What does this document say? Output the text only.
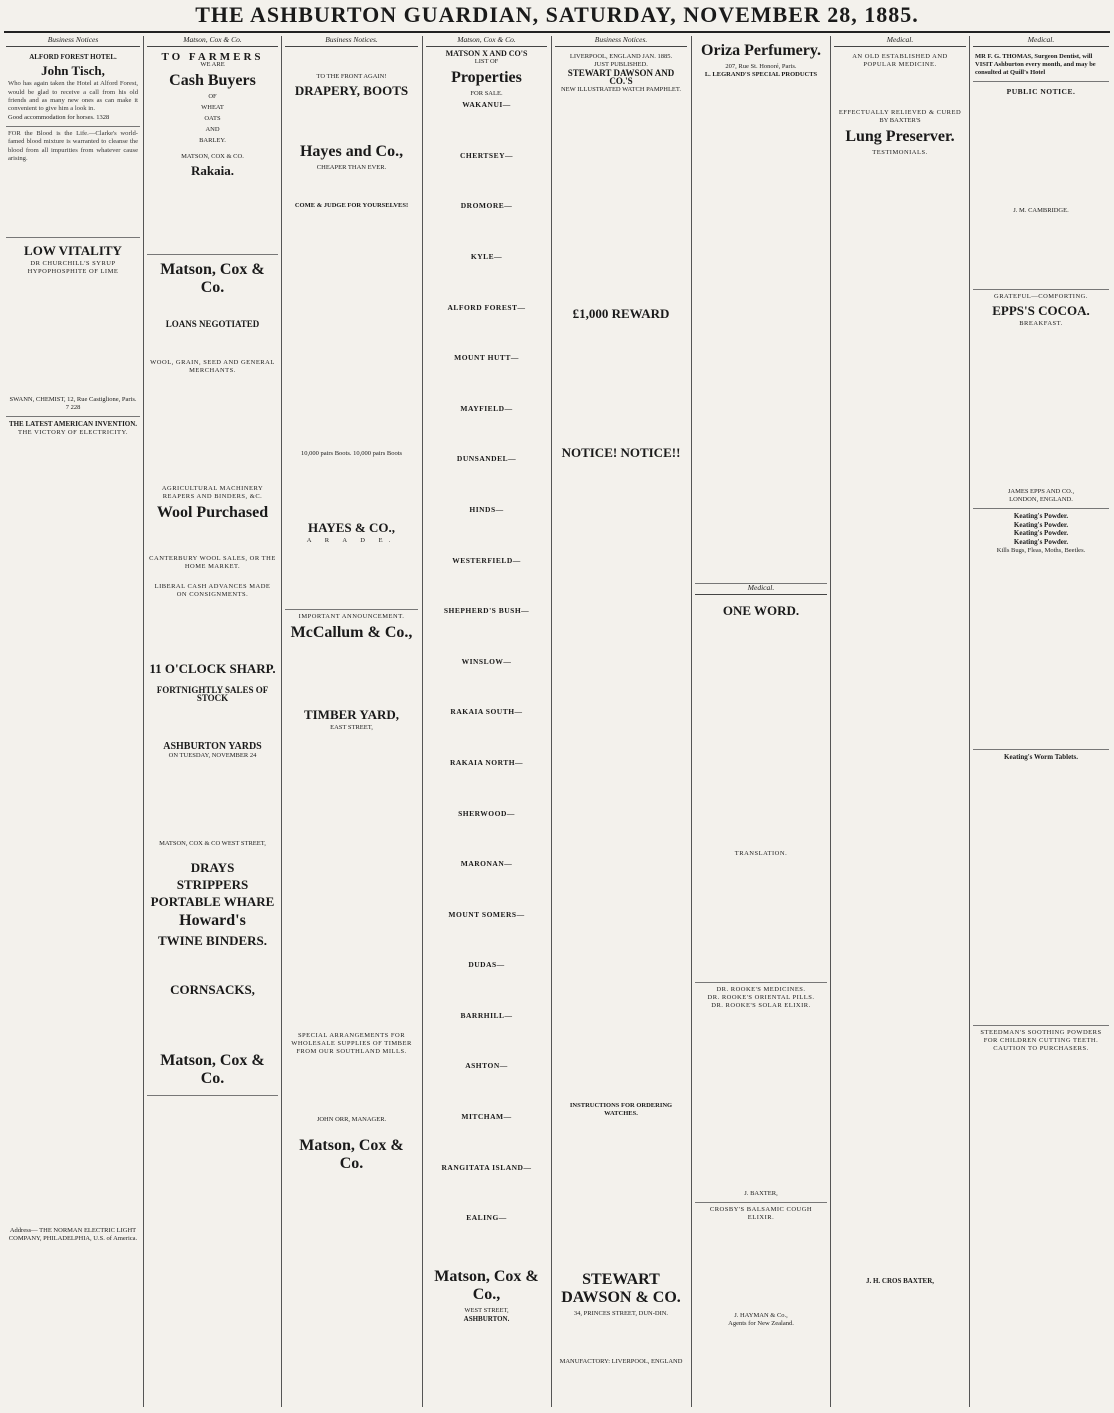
THE ASHBURTON GUARDIAN, SATURDAY, NOVEMBER 28, 1885.
Business Notices
ALFORD FOREST HOTEL.
John Tisch,
Who has again taken the Hotel at Alford Forest, would be glad to receive a call from his old friends and as many new ones as can make it convenient to give him a look in.
Good accommodation for horses. 1328
FOR the Blood is the Life.—Clarke's world-famed blood mixture is warranted to cleanse the blood from all impurities from whatever cause arising.
LOW VITALITY
DR CHURCHILL'S SYRUP
HYPOPHOSPHITE OF LIME
SWANN, CHEMIST, 12, Rue Castiglione, Paris. 7 228
THE LATEST AMERICAN INVENTION.
THE VICTORY OF ELECTRICITY.
Address— THE NORMAN ELECTRIC LIGHT COMPANY, PHILADELPHIA, U.S. of America.
Matson, Cox & Co.
TO FARMERS
WE ARE
Cash Buyers
OF
WHEAT
OATS
AND
BARLEY.
MATSON, COX & CO.
Rakaia.
Matson, Cox & Co.
LOANS NEGOTIATED
WOOL, GRAIN, SEED AND GENERAL MERCHANTS.
AGRICULTURAL MACHINERY REAPERS AND BINDERS, &C.
Wool Purchased
CANTERBURY WOOL SALES, OR THE HOME MARKET.
LIBERAL CASH ADVANCES MADE ON CONSIGNMENTS.
11 O'CLOCK SHARP.
FORTNIGHTLY SALES OF STOCK
ASHBURTON YARDS
ON TUESDAY, NOVEMBER 24
MATSON, COX & CO WEST STREET,
DRAYS
STRIPPERS
PORTABLE WHARE
Howard's
TWINE BINDERS.
CORNSACKS,
Matson, Cox & Co.
Business Notices.
TO THE FRONT AGAIN!
DRAPERY, BOOTS
Hayes and Co.,
CHEAPER THAN EVER.
COME & JUDGE FOR YOURSELVES!
10,000 pairs Boots. 10,000 pairs Boots
HAYES & CO.,
A R A D E.
IMPORTANT ANNOUNCEMENT.
McCallum & Co.,
TIMBER YARD,
EAST STREET,
SPECIAL ARRANGEMENTS FOR WHOLESALE SUPPLIES OF TIMBER FROM OUR SOUTHLAND MILLS.
JOHN ORR, MANAGER.
Matson, Cox & Co.
Matson, Cox & Co.
MATSON X AND CO'S
LIST OF
Properties
FOR SALE.
WAKANUI—
CHERTSEY—
DROMORE—
KYLE—
ALFORD FOREST—
MOUNT HUTT—
MAYFIELD—
DUNSANDEL—
HINDS—
WESTERFIELD—
SHEPHERD'S BUSH—
WINSLOW—
RAKAIA SOUTH—
RAKAIA NORTH—
SHERWOOD—
MARONAN—
MOUNT SOMERS—
DUDAS—
BARRHILL—
ASHTON—
MITCHAM—
RANGITATA ISLAND—
EALING—
Matson, Cox & Co.,
WEST STREET,
ASHBURTON.
Business Notices.
LIVERPOOL, ENGLAND JAN. 1885.
JUST PUBLISHED.
STEWART DAWSON AND CO.'S
NEW ILLUSTRATED WATCH PAMPHLET.
£1,000 REWARD
NOTICE! NOTICE!!
INSTRUCTIONS FOR ORDERING WATCHES.
STEWART DAWSON & CO.
34, PRINCES STREET, DUN-DIN.
MANUFACTORY: LIVERPOOL, ENGLAND
Oriza Perfumery.
207, Rue St. Honoré, Paris.
L. LEGRAND'S SPECIAL PRODUCTS
Medical.
ONE WORD.
TRANSLATION.
DR. ROOKE'S MEDICINES.
DR. ROOKE'S ORIENTAL PILLS.
DR. ROOKE'S SOLAR ELIXIR.
J. BAXTER,
CROSBY'S BALSAMIC COUGH ELIXIR.
J. HAYMAN & Co.,
Agents for New Zealand.
Medical.
AN OLD ESTABLISHED AND POPULAR MEDICINE.
EFFECTUALLY RELIEVED & CURED
BY BAXTER'S
Lung Preserver.
TESTIMONIALS.
J. H. CROS BAXTER,
Medical.
MR F. G. THOMAS, Surgeon Dentist, will VISIT Ashburton every month, and may be consulted at Quill's Hotel
PUBLIC NOTICE.
J. M. CAMBRIDGE.
GRATEFUL—COMFORTING.
EPPS'S COCOA.
BREAKFAST.
JAMES EPPS AND CO.,
LONDON, ENGLAND.
Keating's Powder.
Keating's Powder.
Keating's Powder.
Keating's Powder.
Kills Bugs, Fleas, Moths, Beetles.
Keating's Worm Tablets.
STEEDMAN'S SOOTHING POWDERS FOR CHILDREN CUTTING TEETH.
CAUTION TO PURCHASERS.
